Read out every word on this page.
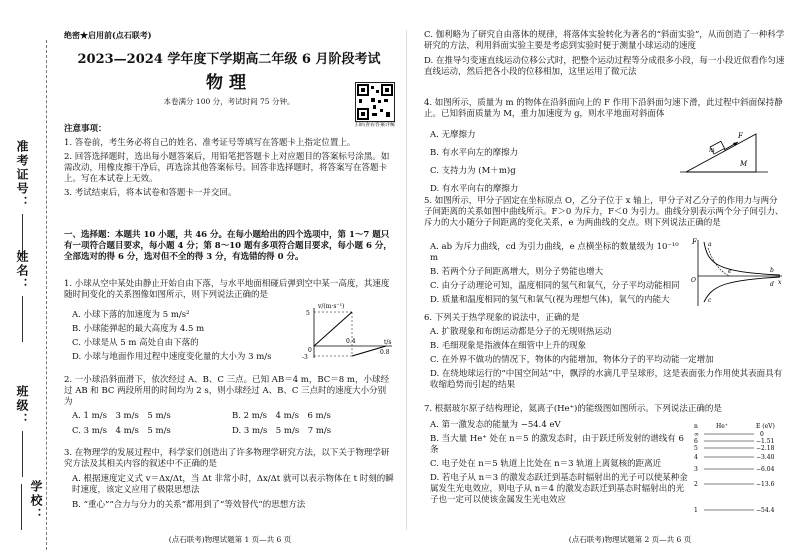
准考证号：
姓名：
班级：
学校：
绝密★启用前(点石联考)
2023—2024 学年度下学期高二年级 6 月阶段考试
物理
本卷满分 100 分，考试时间 75 分钟。
扫码查看答案详解
注意事项：

1. 答卷前，考生务必将自己的姓名、准考证号等填写在答题卡上指定位置上。

2. 回答选择题时，选出每小题答案后，用铅笔把答题卡上对应题目的答案标号涂黑。如需改动，用橡皮擦干净后，再选涂其他答案标号。回答非选择题时，将答案写在答题卡上。写在本试卷上无效。

3. 考试结束后，将本试卷和答题卡一并交回。

一、选择题：本题共 10 小题，共 46 分。在每小题给出的四个选项中，第 1～7 题只有一项符合题目要求，每小题 4 分；第 8～10 题有多项符合题目要求，每小题 6 分，全部选对的得 6 分，选对但不全的得 3 分，有选错的得 0 分。
1. 小球从空中某处由静止开始自由下落，与水平地面相碰后弹到空中某一高度，其速度随时间变化的关系图像如图所示，则下列说法正确的是

A. 小球下落的加速度为 5 m/s²

B. 小球能弹起的最大高度为 4.5 m

C. 小球是从 5 m 高处自由下落的

D. 小球与地面作用过程中速度变化量的大小为 3 m/s

v/(m·s⁻¹)
t/s
5
-3
0
0.4
0.8
2. 一小球沿斜面滑下，依次经过 A、B、C 三点。已知 AB＝4 m，BC＝8 m，小球经过 AB 和 BC 两段所用的时间均为 2 s，则小球经过 A、B、C 三点时的速度大小分别为
A. 1 m/s　3 m/s　5 m/s	B. 2 m/s　4 m/s　6 m/s
C. 3 m/s　4 m/s　5 m/s	D. 3 m/s　5 m/s　7 m/s
3. 在物理学的发展过程中，科学家们创造出了许多物理学研究方法，以下关于物理学研究方法及其相关内容的叙述中不正确的是

A. 根据速度定义式 v＝Δx/Δt，当 Δt 非常小时，Δx/Δt 就可以表示物体在 t 时刻的瞬时速度，该定义应用了极限思想法

B. “重心”“合力与分力的关系”都用到了“等效替代”的思想方法

(点石联考)物理试题第 1 页—共 6 页

C. 伽利略为了研究自由落体的规律，将落体实验转化为著名的“斜面实验”，从而创造了一种科学研究的方法，利用斜面实验主要是考虑到实验时便于测量小球运动的速度

D. 在推导匀变速直线运动位移公式时，把整个运动过程等分成很多小段，每一小段近似看作匀速直线运动，然后把各小段的位移相加，这里运用了微元法

4. 如图所示，质量为 m 的物体在沿斜面向上的 F 作用下沿斜面匀速下滑，此过程中斜面保持静止。已知斜面质量为 M，重力加速度为 g，则水平地面对斜面体

A. 无摩擦力

B. 有水平向左的摩擦力

C. 支持力为 (M＋m)g

D. 有水平向右的摩擦力

F
m
M
5. 如图所示，甲分子固定在坐标原点 O，乙分子位于 x 轴上，甲分子对乙分子的作用力与两分子间距离的关系如图中曲线所示。F＞0 为斥力，F＜0 为引力。曲线分别表示两个分子间引力、斥力的大小随分子间距离的变化关系，e 为两曲线的交点。则下列说法正确的是

A. ab 为斥力曲线，cd 为引力曲线，e 点横坐标的数量级为 10⁻¹⁰ m

B. 若两个分子间距离增大，则分子势能也增大

C. 由分子动理论可知，温度相同的氢气和氧气，分子平均动能相同

D. 质量和温度相同的氢气和氧气(视为理想气体)，氧气的内能大

F a
b
c
d
e
O	x
6. 下列关于热学现象的说法中，正确的是

A. 扩散现象和布朗运动都是分子的无规则热运动

B. 毛细现象是指液体在细管中上升的现象

C. 在外界不做功的情况下，物体的内能增加，物体分子的平均动能一定增加

D. 在绕地球运行的“中国空间站”中，飘浮的水滴几乎呈球形，这是表面张力作用使其表面具有收缩趋势而引起的结果

7. 根据玻尔原子结构理论，氦离子(He⁺)的能级图如图所示。下列说法正确的是

A. 第一激发态的能量为 −54.4 eV

B. 当大量 He⁺ 处在 n＝5 的激发态时，由于跃迁所发射的谱线有 6 条

C. 电子处在 n＝5 轨道上比处在 n＝3 轨道上离氦核的距离近

D. 若电子从 n＝3 的激发态跃迁到基态时辐射出的光子可以使某种金属发生光电效应，则电子从 n＝4 的激发态跃迁到基态时辐射出的光子也一定可以使该金属发生光电效应

n	He⁺	E (eV)
∞	0
6	−1.51
5	−2.18
4	−3.40
3	−6.04
2	−13.6
1	−54.4
(点石联考)物理试题第 2 页—共 6 页
